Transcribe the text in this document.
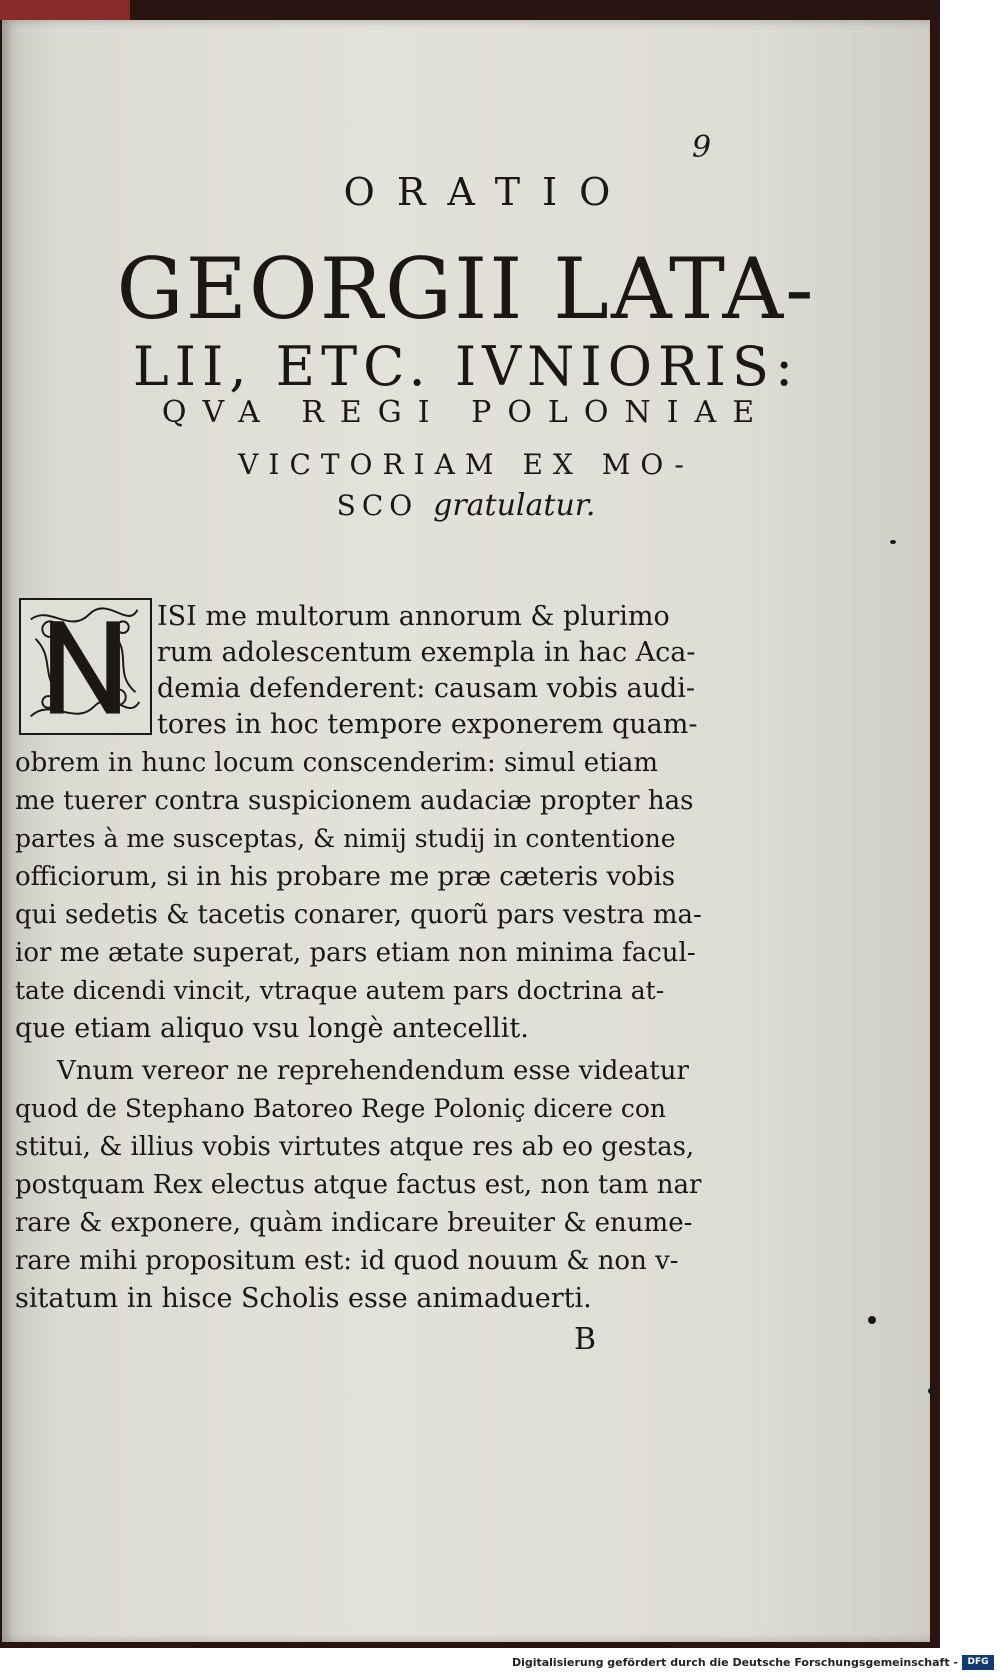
9
ORATIO
GEORGII LATA-
LII, ETC. IVNIORIS:
QVA REGI POLONIAE
VICTORIAM EX MO-
SCO gratulatur.
ISI me multorum annorum & plurimo
rum adolescentum exempla in hac Aca-
demia defenderent: causam vobis audi-
tores in hoc tempore exponerem quam-
obrem in hunc locum conscenderim: simul etiam
me tuerer contra suspicionem audaciæ propter has
partes à me susceptas, & nimij studij in contentione
officiorum, si in his probare me præ cæteris vobis
qui sedetis & tacetis conarer, quorũ pars vestra ma-
ior me ætate superat, pars etiam non minima facul-
tate dicendi vincit, vtraque autem pars doctrina at-
que etiam aliquo vsu longè antecellit.
Vnum vereor ne reprehendendum esse videatur
quod de Stephano Batoreo Rege Poloniç dicere con
stitui, & illius vobis virtutes atque res ab eo gestas,
postquam Rex electus atque factus est, non tam nar
rare & exponere, quàm indicare breuiter & enume-
rare mihi propositum est: id quod nouum & non v-
sitatum in hisce Scholis esse animaduerti.
B
Digitalisierung gefördert durch die Deutsche Forschungsgemeinschaft -	DFG
